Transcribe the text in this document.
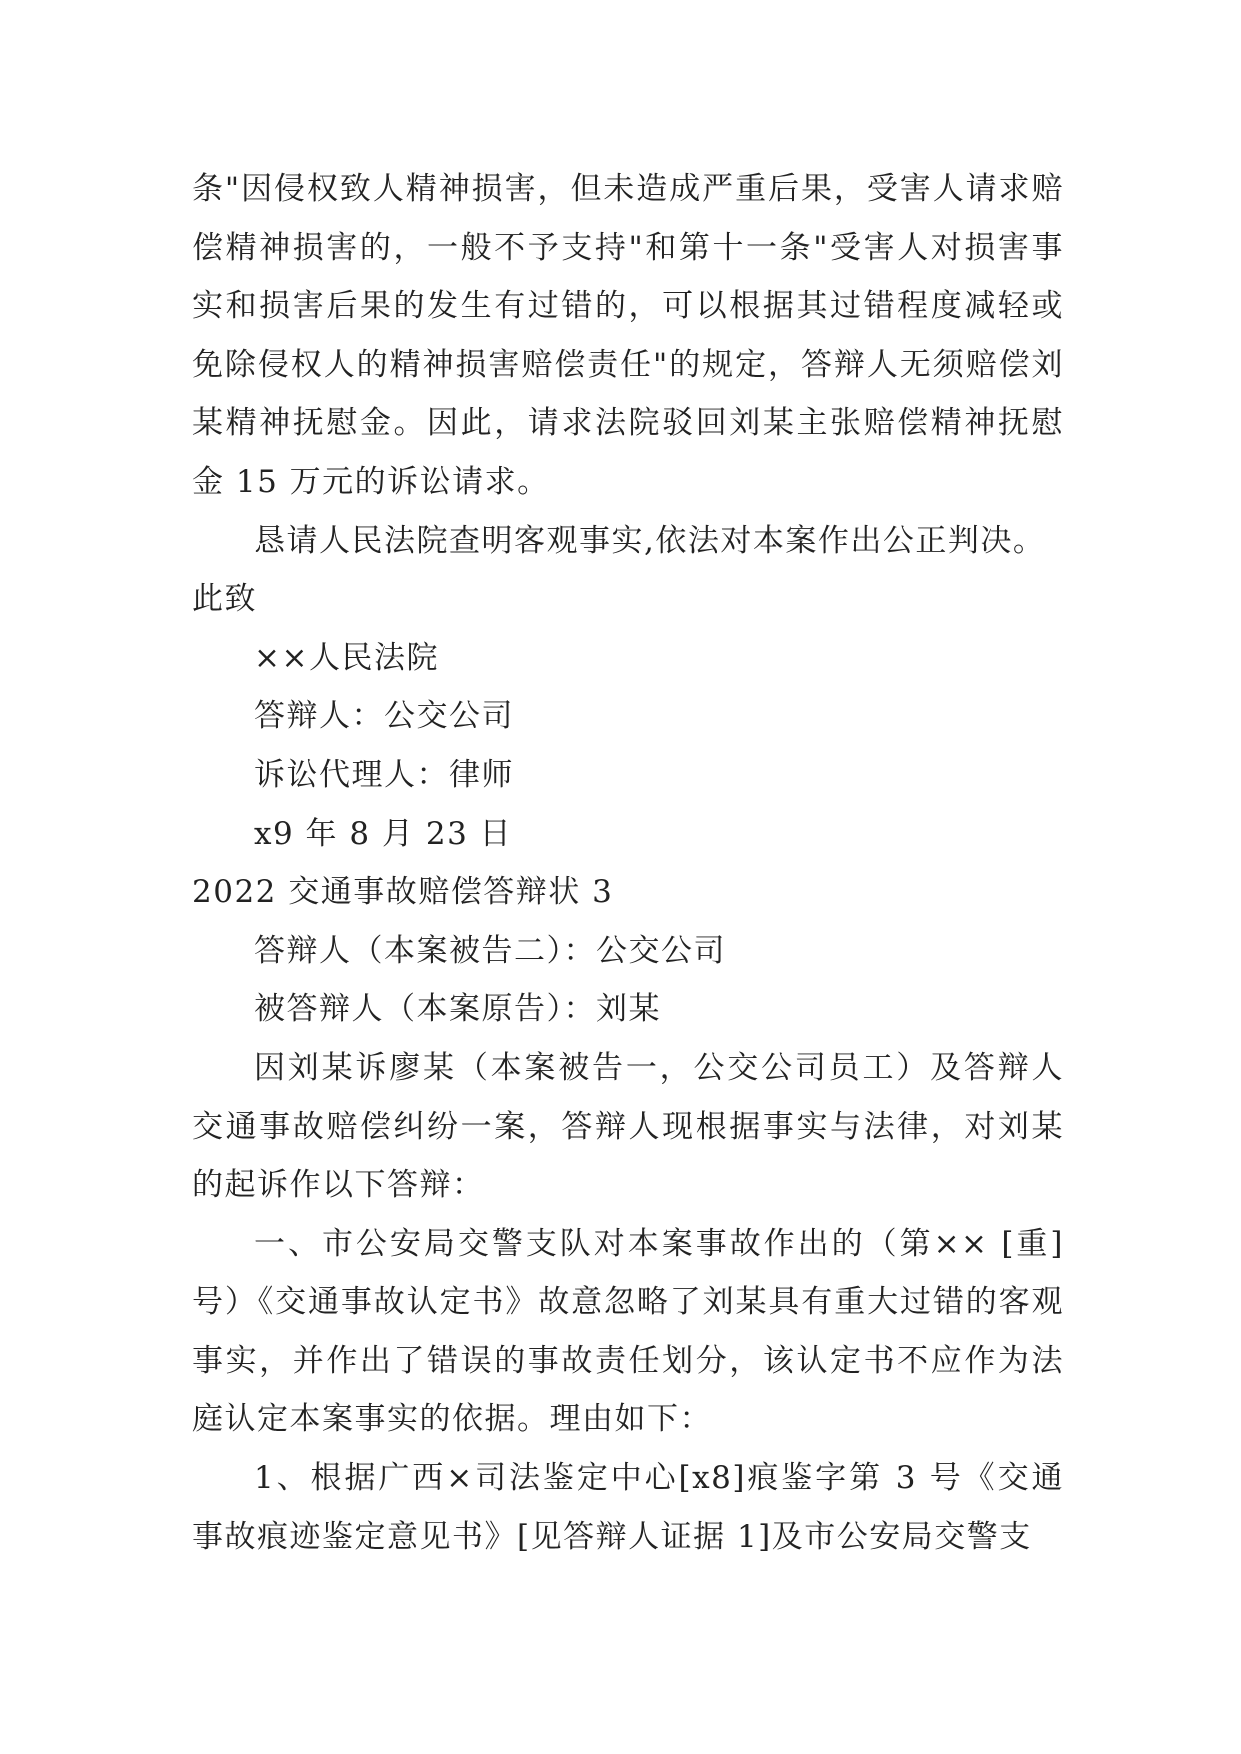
条"因侵权致人精神损害，但未造成严重后果，受害人请求赔偿精神损害的，一般不予支持"和第十一条"受害人对损害事实和损害后果的发生有过错的，可以根据其过错程度减轻或免除侵权人的精神损害赔偿责任"的规定，答辩人无须赔偿刘某精神抚慰金。因此，请求法院驳回刘某主张赔偿精神抚慰金 15 万元的诉讼请求。

恳请人民法院查明客观事实,依法对本案作出公正判决。

此致

××人民法院

答辩人：公交公司

诉讼代理人：律师

x9 年 8 月 23 日

2022 交通事故赔偿答辩状 3

答辩人（本案被告二）：公交公司

被答辩人（本案原告）：刘某

因刘某诉廖某（本案被告一，公交公司员工）及答辩人交通事故赔偿纠纷一案，答辩人现根据事实与法律，对刘某的起诉作以下答辩：

一、市公安局交警支队对本案事故作出的（第×× [重]号）《交通事故认定书》故意忽略了刘某具有重大过错的客观事实，并作出了错误的事故责任划分，该认定书不应作为法庭认定本案事实的依据。理由如下：

1、根据广西×司法鉴定中心[x8]痕鉴字第 3 号《交通事故痕迹鉴定意见书》[见答辩人证据 1]及市公安局交警支
